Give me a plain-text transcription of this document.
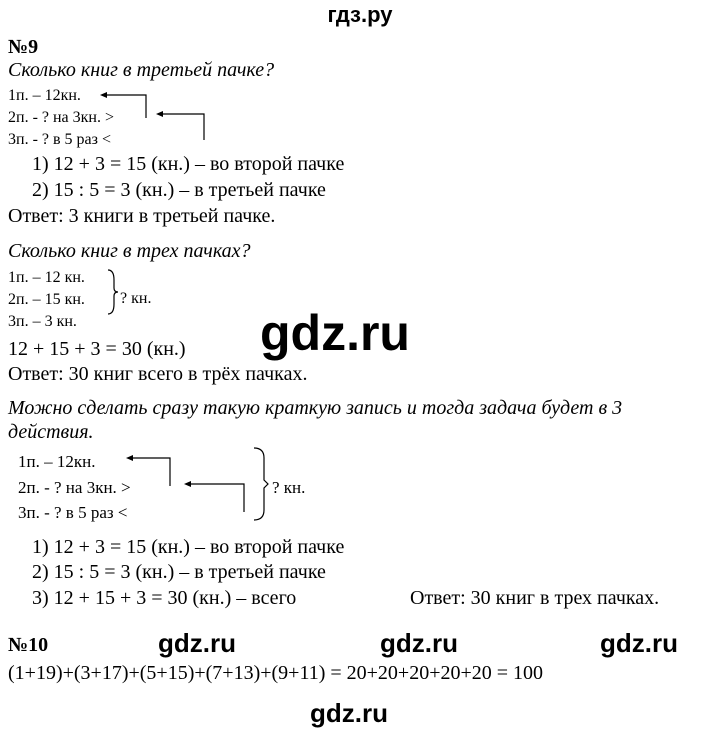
гдз.ру
№9
Сколько книг в третьей пачке?
1п. – 12кн.
2п. - ? на 3кн. >
3п. - ? в 5 раз <
1) 12 + 3 = 15 (кн.) – во второй пачке
2) 15 : 5 = 3 (кн.) – в третьей пачке
Ответ: 3 книги в третьей пачке.
Сколько книг в трех пачках?
1п. – 12 кн.
2п. – 15 кн.
3п. – 3 кн.
? кн.
gdz.ru
12 + 15 + 3 = 30 (кн.)
Ответ: 30 книг всего в трёх пачках.
Можно сделать сразу такую краткую запись и тогда задача будет в 3
действия.
1п. – 12кн.
2п. - ? на 3кн. >
3п. - ? в 5 раз <
? кн.
1) 12 + 3 = 15 (кн.) – во второй пачке
2) 15 : 5 = 3 (кн.) – в третьей пачке
3) 12 + 15 + 3 = 30 (кн.) – всего	Ответ: 30 книг в трех пачках.
№10	gdz.ru	gdz.ru	gdz.ru
(1+19)+(3+17)+(5+15)+(7+13)+(9+11) = 20+20+20+20+20 = 100
gdz.ru
